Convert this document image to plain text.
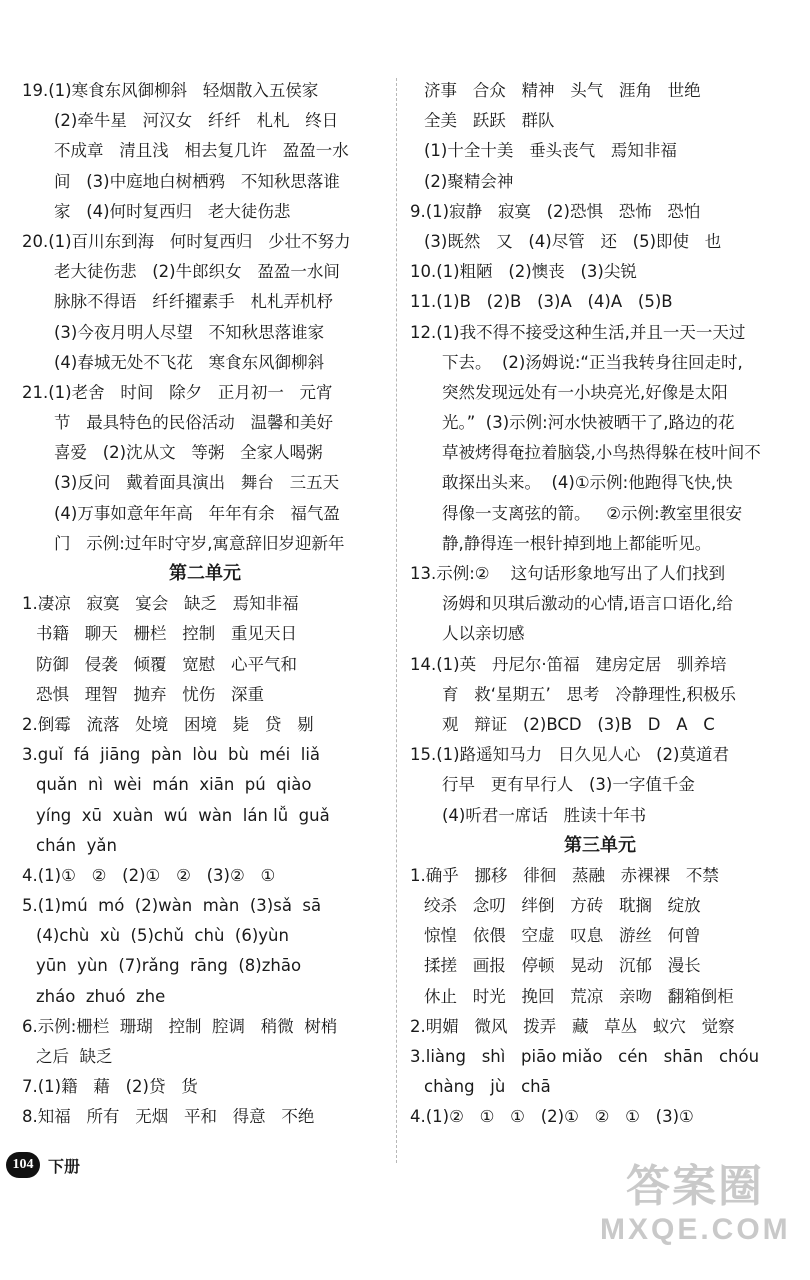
19.(1)寒食东风御柳斜   轻烟散入五侯家
(2)牵牛星   河汉女   纤纤   札札   终日
不成章   清且浅   相去复几许   盈盈一水
间   (3)中庭地白树栖鸦   不知秋思落谁
家   (4)何时复西归   老大徒伤悲
20.(1)百川东到海   何时复西归   少壮不努力
老大徒伤悲   (2)牛郎织女   盈盈一水间
脉脉不得语   纤纤擢素手   札札弄机杼
(3)今夜月明人尽望   不知秋思落谁家
(4)春城无处不飞花   寒食东风御柳斜
21.(1)老舍   时间   除夕   正月初一   元宵
节   最具特色的民俗活动   温馨和美好
喜爱   (2)沈从文   等粥   全家人喝粥
(3)反问   戴着面具演出   舞台   三五天
(4)万事如意年年高   年年有余   福气盈
门   示例:过年时守岁,寓意辞旧岁迎新年
第二单元
1.凄凉   寂寞   宴会   缺乏   焉知非福
书籍   聊天   栅栏   控制   重见天日
防御   侵袭   倾覆   宽慰   心平气和
恐惧   理智   抛弃   忧伤   深重
2.倒霉   流落   处境   困境   毙   贷   剔
3.guǐ  fá  jiāng  pàn  lòu  bù  méi  liǎ
quǎn  nì  wèi  mán  xiān  pú  qiào
yíng  xū  xuàn  wú  wàn  lán lǚ  guǎ
chán  yǎn
4.(1)①   ②   (2)①   ②   (3)②   ①
5.(1)mú  mó  (2)wàn  màn  (3)sǎ  sā
(4)chù  xù  (5)chǔ  chù  (6)yùn
yūn  yùn  (7)rǎng  rāng  (8)zhāo
zháo  zhuó  zhe
6.示例:栅栏  珊瑚   控制  腔调   稍微  树梢
之后  缺乏
7.(1)籍   藉   (2)贷   货
8.知福   所有   无烟   平和   得意   不绝
济事   合众   精神   头气   涯角   世绝
全美   跃跃   群队
(1)十全十美   垂头丧气   焉知非福
(2)聚精会神
9.(1)寂静   寂寞   (2)恐惧   恐怖   恐怕
(3)既然   又   (4)尽管   还   (5)即使   也
10.(1)粗陋   (2)懊丧   (3)尖锐
11.(1)B   (2)B   (3)A   (4)A   (5)B
12.(1)我不得不接受这种生活,并且一天一天过
下去。  (2)汤姆说:“正当我转身往回走时,
突然发现远处有一小块亮光,好像是太阳
光。”  (3)示例:河水快被晒干了,路边的花
草被烤得奄拉着脑袋,小鸟热得躲在枝叶间不
敢探出头来。  (4)①示例:他跑得飞快,快
得像一支离弦的箭。   ②示例:教室里很安
静,静得连一根针掉到地上都能听见。
13.示例:②    这句话形象地写出了人们找到
汤姆和贝琪后激动的心情,语言口语化,给
人以亲切感
14.(1)英   丹尼尔·笛福   建房定居   驯养培
育   救‘星期五’   思考   冷静理性,积极乐
观   辩证   (2)BCD   (3)B   D   A   C
15.(1)路遥知马力   日久见人心   (2)莫道君
行早   更有早行人   (3)一字值千金
(4)听君一席话   胜读十年书
第三单元
1.确乎   挪移   徘徊   蒸融   赤裸裸   不禁
绞杀   念叨   绊倒   方砖   耽搁   绽放
惊惶   依偎   空虚   叹息   游丝   何曾
揉搓   画报   停顿   晃动   沉郁   漫长
休止   时光   挽回   荒凉   亲吻   翻箱倒柜
2.明媚   微风   拨弄   藏   草丛   蚁穴   觉察
3.liàng   shì   piāo miǎo   cén   shān   chóu
chàng   jù   chā
4.(1)②   ①   ①   (2)①   ②   ①   (3)①
104 下册	答案圈
MXQE.COM
